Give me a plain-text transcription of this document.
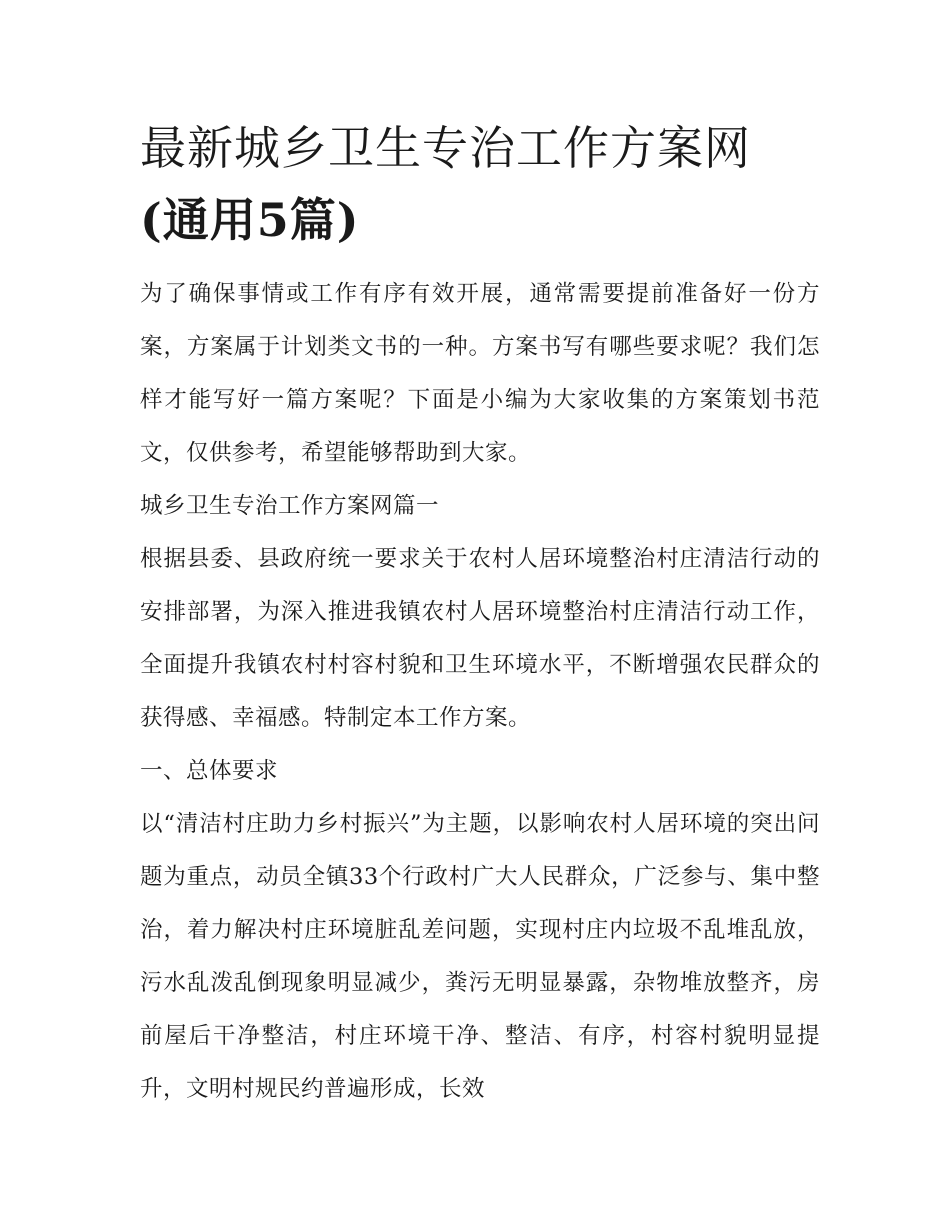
最新城乡卫生专治工作方案网
(通用5篇)

为了确保事情或工作有序有效开展，通常需要提前准备好一份方案，方案属于计划类文书的一种。方案书写有哪些要求呢？我们怎样才能写好一篇方案呢？下面是小编为大家收集的方案策划书范文，仅供参考，希望能够帮助到大家。

城乡卫生专治工作方案网篇一

根据县委、县政府统一要求关于农村人居环境整治村庄清洁行动的安排部署，为深入推进我镇农村人居环境整治村庄清洁行动工作，全面提升我镇农村村容村貌和卫生环境水平，不断增强农民群众的获得感、幸福感。特制定本工作方案。

一、总体要求

以“清洁村庄助力乡村振兴”为主题，以影响农村人居环境的突出问题为重点，动员全镇33个行政村广大人民群众，广泛参与、集中整治，着力解决村庄环境脏乱差问题，实现村庄内垃圾不乱堆乱放，污水乱泼乱倒现象明显减少，粪污无明显暴露，杂物堆放整齐，房前屋后干净整洁，村庄环境干净、整洁、有序，村容村貌明显提升，文明村规民约普遍形成，长效
